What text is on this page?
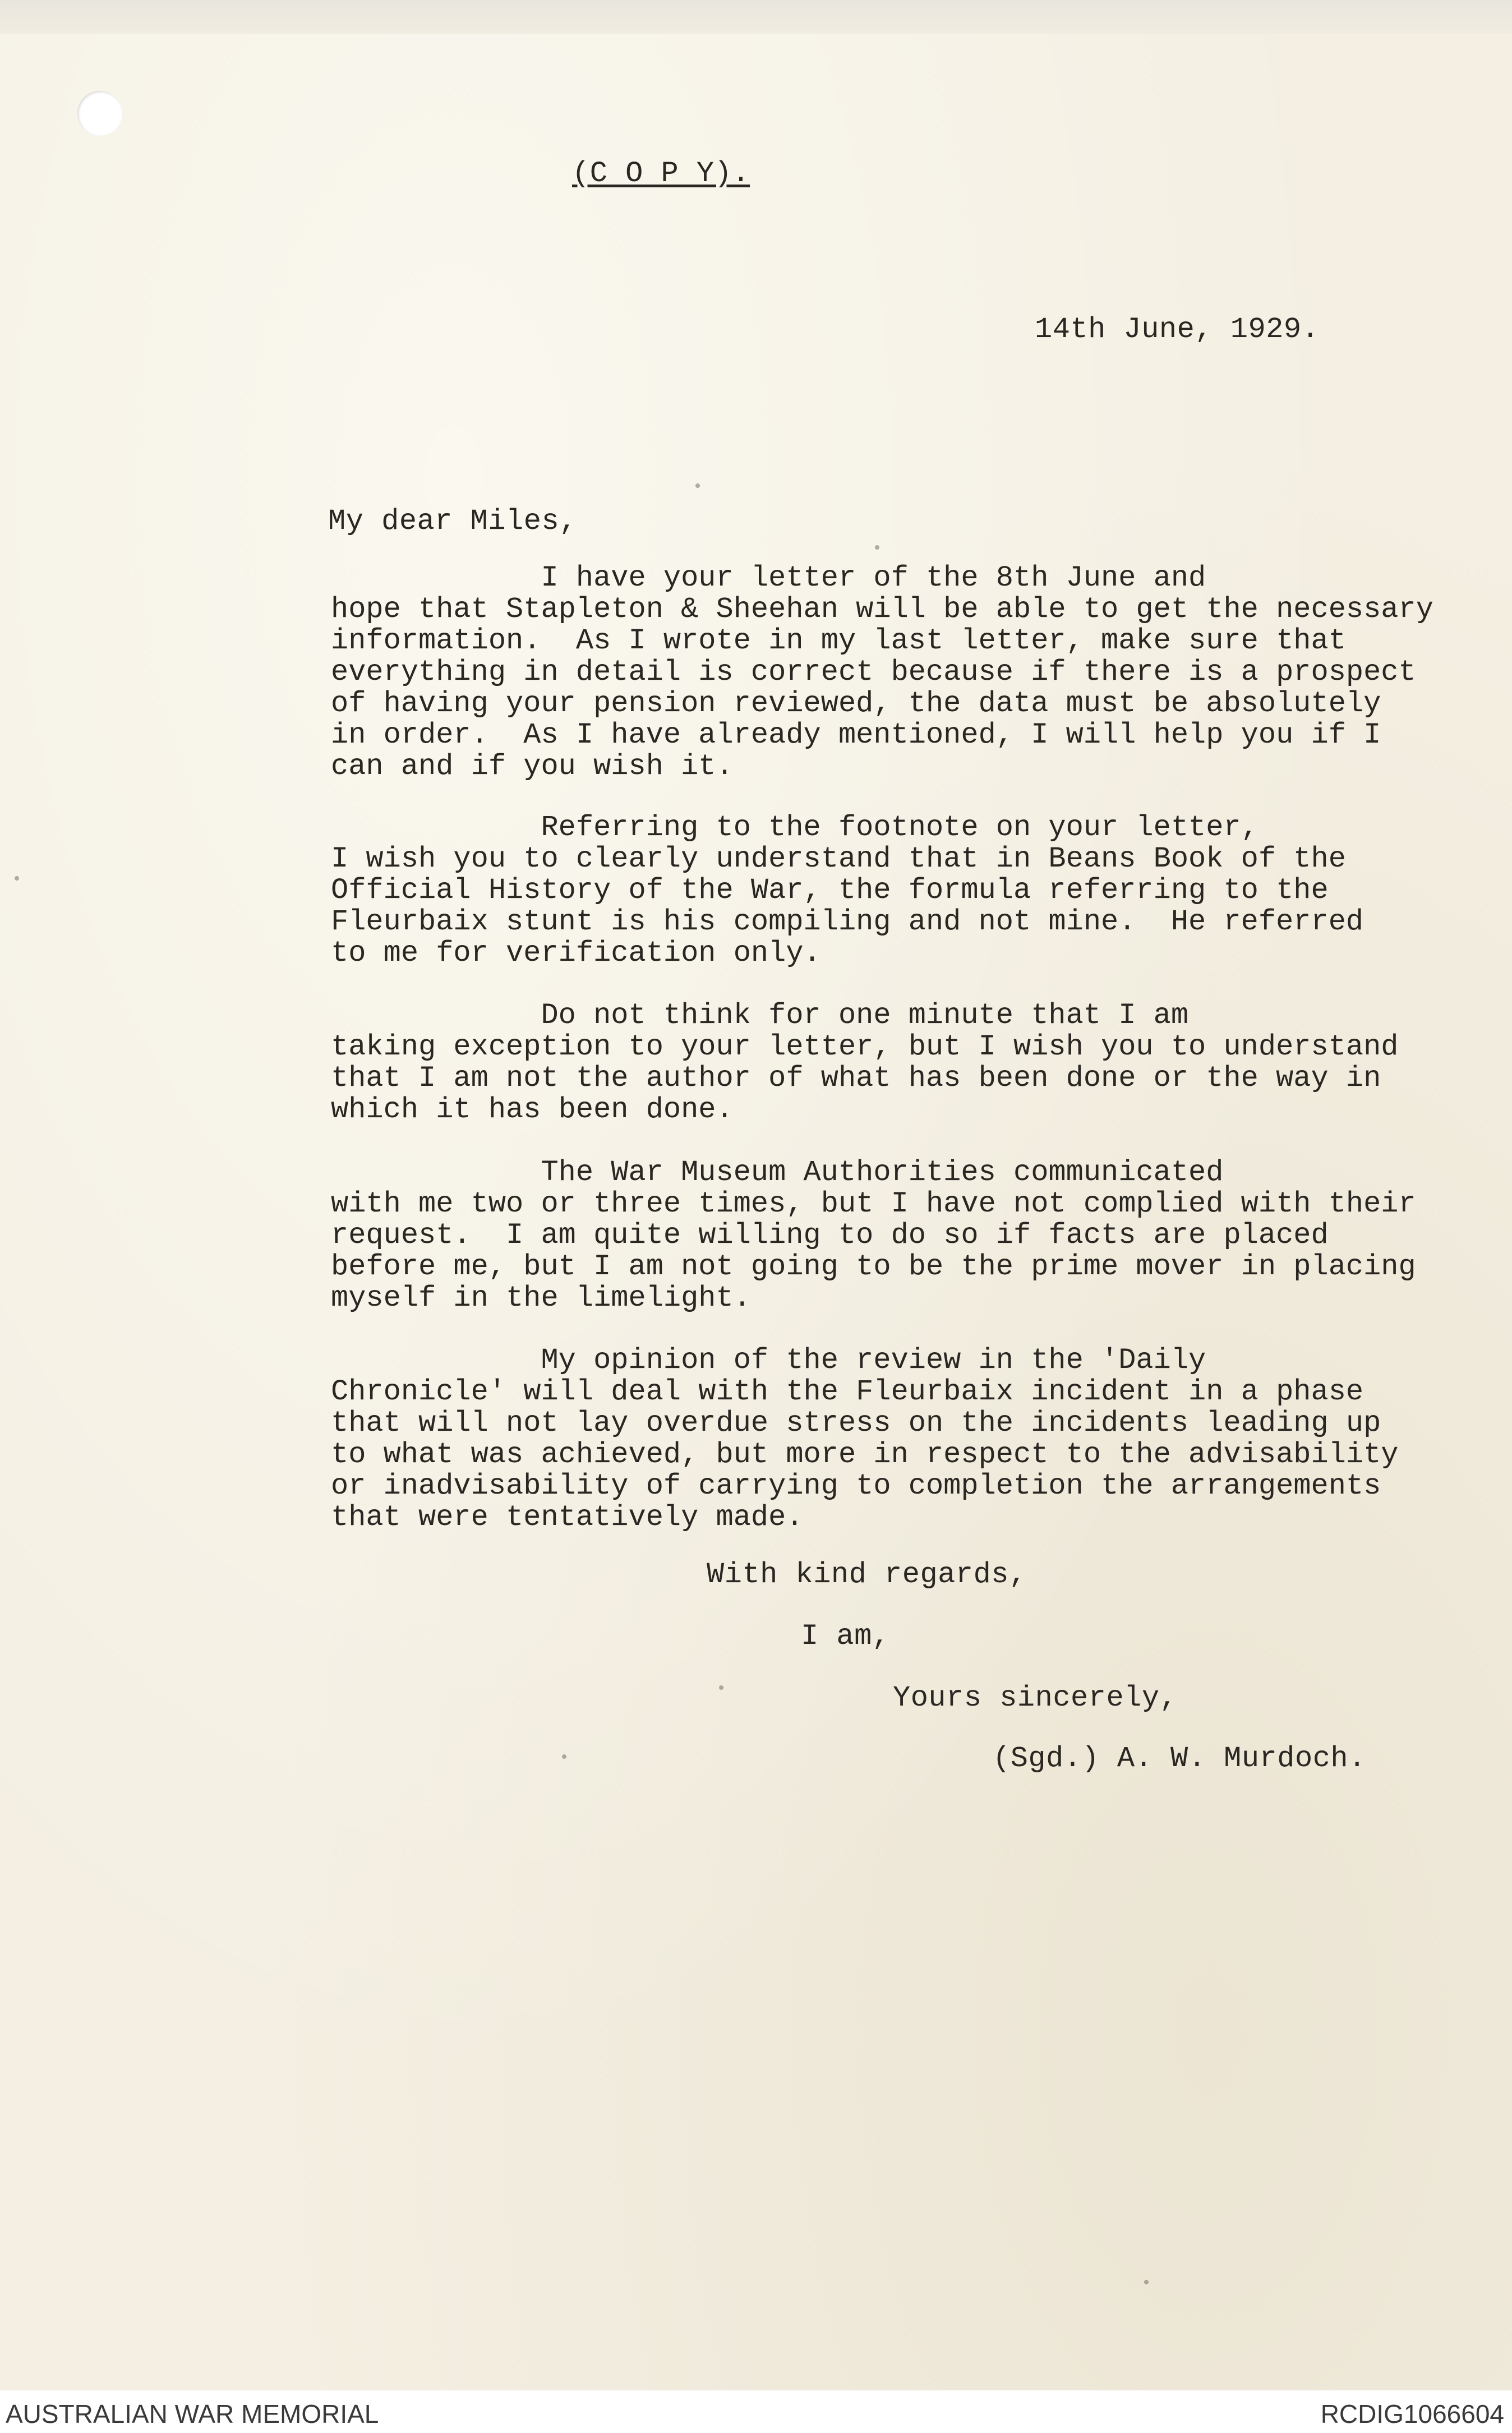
(C O P Y).

14th June, 1929.

My dear Miles,

I have your letter of the 8th June and
hope that Stapleton & Sheehan will be able to get the necessary
information.  As I wrote in my last letter, make sure that
everything in detail is correct because if there is a prospect
of having your pension reviewed, the data must be absolutely
in order.  As I have already mentioned, I will help you if I
can and if you wish it.

Referring to the footnote on your letter,
I wish you to clearly understand that in Beans Book of the
Official History of the War, the formula referring to the
Fleurbaix stunt is his compiling and not mine.  He referred
to me for verification only.

Do not think for one minute that I am
taking exception to your letter, but I wish you to understand
that I am not the author of what has been done or the way in
which it has been done.

The War Museum Authorities communicated
with me two or three times, but I have not complied with their
request.  I am quite willing to do so if facts are placed
before me, but I am not going to be the prime mover in placing
myself in the limelight.

My opinion of the review in the 'Daily
Chronicle' will deal with the Fleurbaix incident in a phase
that will not lay overdue stress on the incidents leading up
to what was achieved, but more in respect to the advisability
or inadvisability of carrying to completion the arrangements
that were tentatively made.

With kind regards,

I am,

Yours sincerely,

(Sgd.) A. W. Murdoch.

AUSTRALIAN WAR MEMORIAL	RCDIG1066604
